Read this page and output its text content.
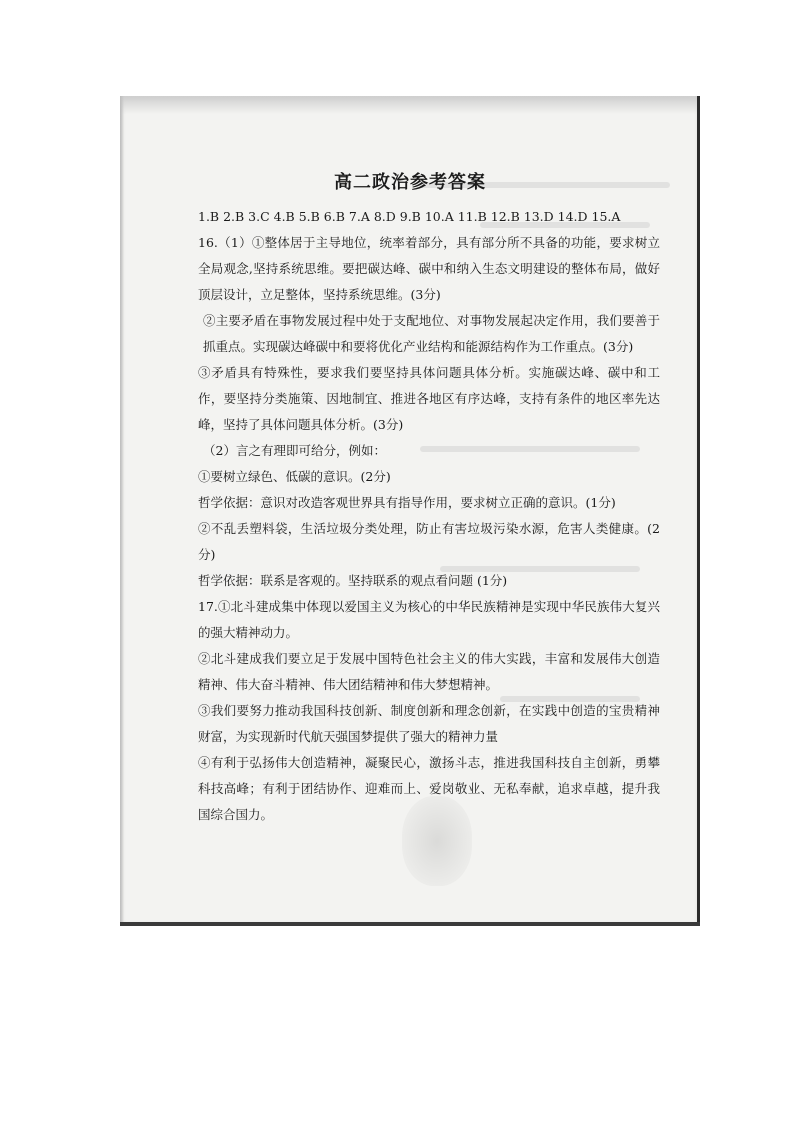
高二政治参考答案

1.B 2.B 3.C 4.B 5.B 6.B 7.A 8.D 9.B 10.A 11.B 12.B 13.D 14.D 15.A

16.（1）①整体居于主导地位，统率着部分，具有部分所不具备的功能，要求树立全局观念,坚持系统思维。要把碳达峰、碳中和纳入生态文明建设的整体布局，做好顶层设计，立足整体，坚持系统思维。(3分)

②主要矛盾在事物发展过程中处于支配地位、对事物发展起决定作用，我们要善于抓重点。实现碳达峰碳中和要将优化产业结构和能源结构作为工作重点。(3分)

③矛盾具有特殊性，要求我们要坚持具体问题具体分析。实施碳达峰、碳中和工作，要坚持分类施策、因地制宜、推进各地区有序达峰，支持有条件的地区率先达峰，坚持了具体问题具体分析。(3分)

（2）言之有理即可给分，例如：

①要树立绿色、低碳的意识。(2分)

哲学依据：意识对改造客观世界具有指导作用，要求树立正确的意识。(1分)

②不乱丢塑料袋，生活垃圾分类处理，防止有害垃圾污染水源，危害人类健康。(2分)

哲学依据：联系是客观的。坚持联系的观点看问题 (1分)

17.①北斗建成集中体现以爱国主义为核心的中华民族精神是实现中华民族伟大复兴的强大精神动力。

②北斗建成我们要立足于发展中国特色社会主义的伟大实践，丰富和发展伟大创造精神、伟大奋斗精神、伟大团结精神和伟大梦想精神。

③我们要努力推动我国科技创新、制度创新和理念创新，在实践中创造的宝贵精神财富，为实现新时代航天强国梦提供了强大的精神力量

④有利于弘扬伟大创造精神，凝聚民心，激扬斗志，推进我国科技自主创新，勇攀科技高峰；有利于团结协作、迎难而上、爱岗敬业、无私奉献，追求卓越，提升我国综合国力。
